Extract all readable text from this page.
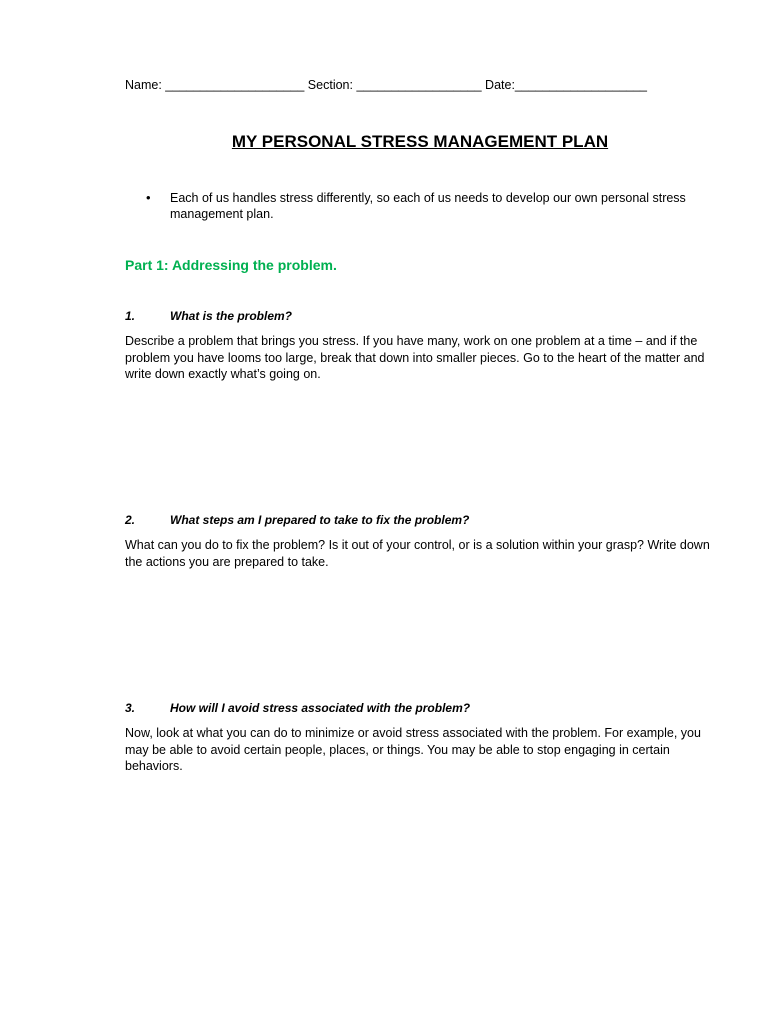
Name: ____________________ Section: __________________ Date:___________________
MY PERSONAL STRESS MANAGEMENT PLAN
• Each of us handles stress differently, so each of us needs to develop our own personal stress management plan.
Part 1: Addressing the problem.
1.	What is the problem?
Describe a problem that brings you stress. If you have many, work on one problem at a time – and if the problem you have looms too large, break that down into smaller pieces. Go to the heart of the matter and write down exactly what’s going on.
2.	What steps am I prepared to take to fix the problem?
What can you do to fix the problem? Is it out of your control, or is a solution within your grasp? Write down the actions you are prepared to take.
3.	How will I avoid stress associated with the problem?
Now, look at what you can do to minimize or avoid stress associated with the problem. For example, you may be able to avoid certain people, places, or things. You may be able to stop engaging in certain behaviors.
